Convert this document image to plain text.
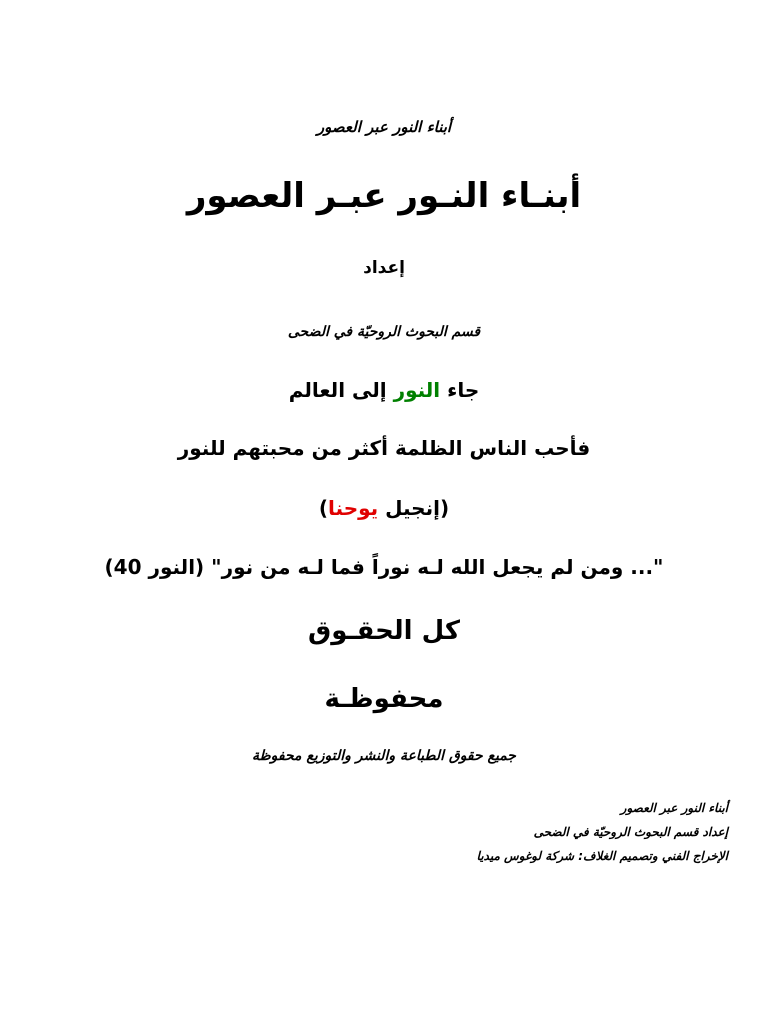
أبناء النور عبر العصور
أبنـاء النـور عبـر العصور
إعداد
قسم البحوث الروحيّة في الضحى
جاء النور إلى العالم
فأحب الناس الظلمة أكثر من محبتهم للنور
(إنجيل يوحنا)
"... ومن لم يجعل الله لـه نوراً فما لـه من نور" (النور 40)
كل الحقـوق
محفوظـة
جميع حقوق الطباعة والنشر والتوزيع محفوظة
أبناء النور عبر العصور
إعداد قسم البحوث الروحيّة في الضحى
الإخراج الفني وتصميم الغلاف: شركة لوغوس ميديا
